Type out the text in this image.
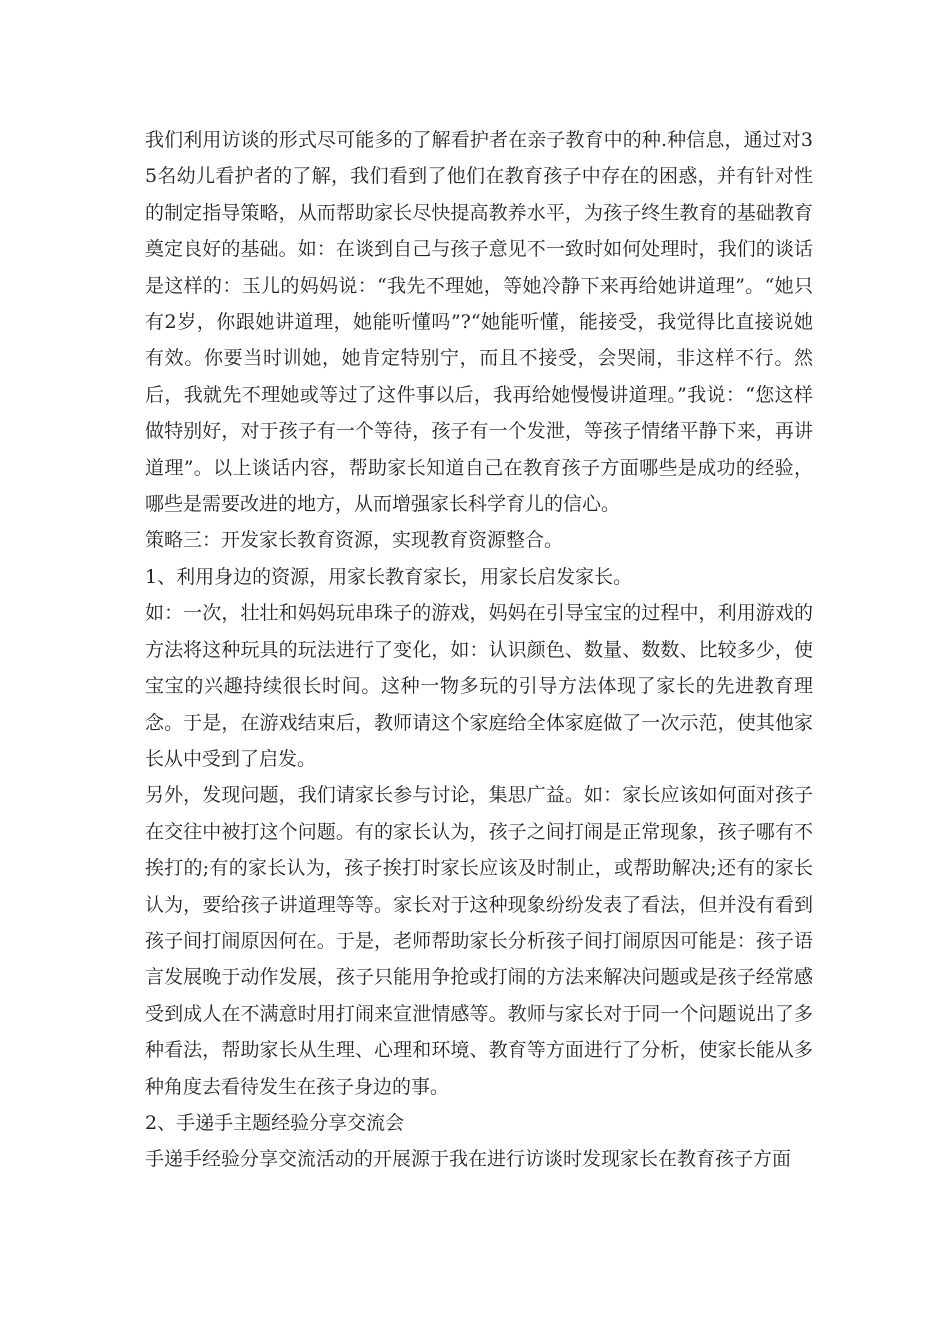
我们利用访谈的形式尽可能多的了解看护者在亲子教育中的种.种信息，通过对35名幼儿看护者的了解，我们看到了他们在教育孩子中存在的困惑，并有针对性的制定指导策略，从而帮助家长尽快提高教养水平，为孩子终生教育的基础教育奠定良好的基础。如：在谈到自己与孩子意见不一致时如何处理时，我们的谈话是这样的：玉儿的妈妈说：“我先不理她，等她冷静下来再给她讲道理”。“她只有2岁，你跟她讲道理，她能听懂吗”?“她能听懂，能接受，我觉得比直接说她有效。你要当时训她，她肯定特别宁，而且不接受，会哭闹，非这样不行。然后，我就先不理她或等过了这件事以后，我再给她慢慢讲道理。”我说：“您这样做特别好，对于孩子有一个等待，孩子有一个发泄，等孩子情绪平静下来，再讲道理”。以上谈话内容，帮助家长知道自己在教育孩子方面哪些是成功的经验，哪些是需要改进的地方，从而增强家长科学育儿的信心。

策略三：开发家长教育资源，实现教育资源整合。

1、利用身边的资源，用家长教育家长，用家长启发家长。

如：一次，壮壮和妈妈玩串珠子的游戏，妈妈在引导宝宝的过程中，利用游戏的方法将这种玩具的玩法进行了变化，如：认识颜色、数量、数数、比较多少，使宝宝的兴趣持续很长时间。这种一物多玩的引导方法体现了家长的先进教育理念。于是，在游戏结束后，教师请这个家庭给全体家庭做了一次示范，使其他家长从中受到了启发。

另外，发现问题，我们请家长参与讨论，集思广益。如：家长应该如何面对孩子在交往中被打这个问题。有的家长认为，孩子之间打闹是正常现象，孩子哪有不挨打的;有的家长认为，孩子挨打时家长应该及时制止，或帮助解决;还有的家长认为，要给孩子讲道理等等。家长对于这种现象纷纷发表了看法，但并没有看到孩子间打闹原因何在。于是，老师帮助家长分析孩子间打闹原因可能是：孩子语言发展晚于动作发展，孩子只能用争抢或打闹的方法来解决问题或是孩子经常感受到成人在不满意时用打闹来宣泄情感等。教师与家长对于同一个问题说出了多种看法，帮助家长从生理、心理和环境、教育等方面进行了分析，使家长能从多种角度去看待发生在孩子身边的事。

2、手递手主题经验分享交流会

手递手经验分享交流活动的开展源于我在进行访谈时发现家长在教育孩子方面
